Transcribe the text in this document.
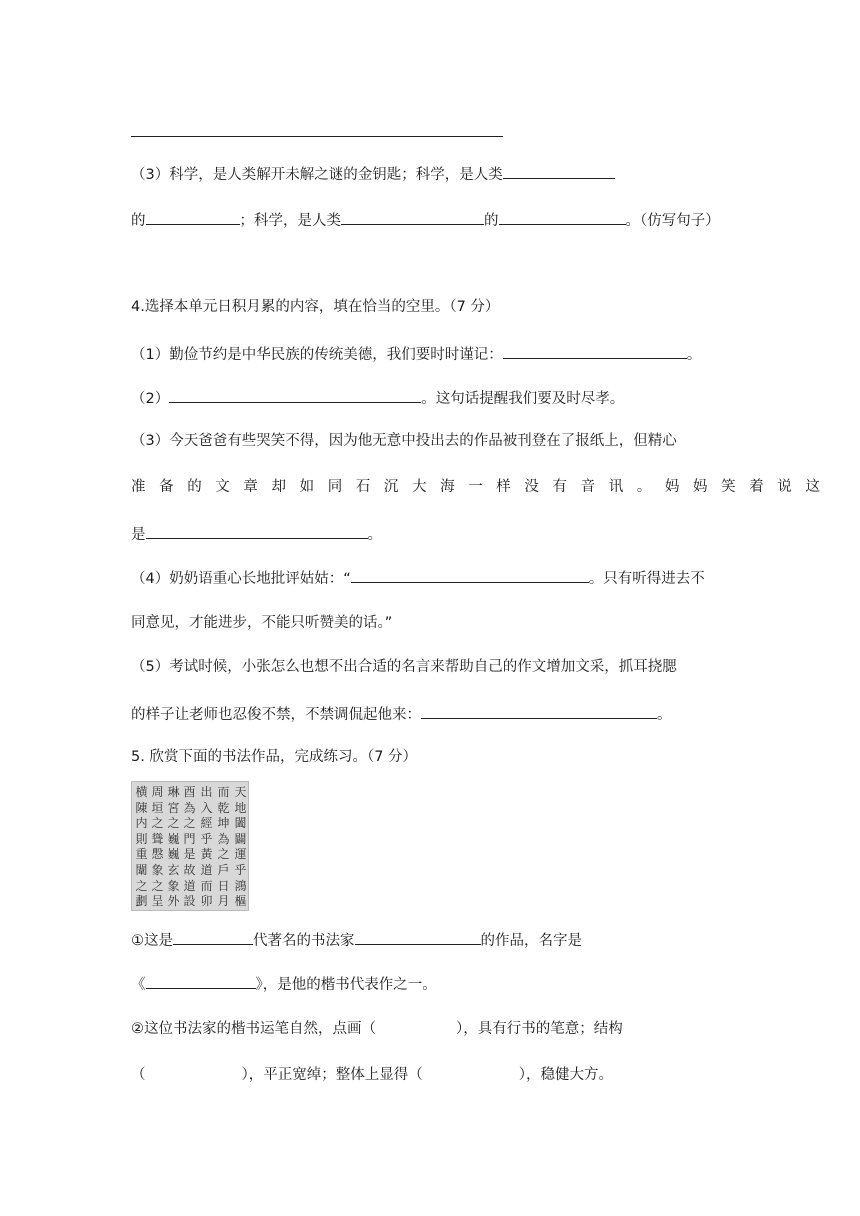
（3）科学，是人类解开未解之谜的金钥匙；科学，是人类
的	；科学，是人类	的	。（仿写句子）
4.选择本单元日积月累的内容，填在恰当的空里。（7 分）
（1）勤俭节约是中华民族的传统美德，我们要时时谨记：	。
（2）	。这句话提醒我们要及时尽孝。
（3）今天爸爸有些哭笑不得，因为他无意中投出去的作品被刊登在了报纸上，但精心
准备的文章却如同石沉大海一样没有音讯。妈妈笑着说这
是	。
（4）奶奶语重心长地批评姑姑：“	。只有听得进去不
同意见，才能进步，不能只听赞美的话。”
（5）考试时候，小张怎么也想不出合适的名言来帮助自己的作文增加文采，抓耳挠腮
的样子让老师也忍俊不禁，不禁调侃起他来：	。
5. 欣赏下面的书法作品，完成练习。（7 分）
天地闔闢運乎鴻樞
而乾坤為之戶日月
出入經乎黃道而卯
酉為之門是故道設
琳宮之巍巍玄象外
周垣之聳慇象之呈
横陳内則重闈之劃
①这是	代著名的书法家	的作品，名字是
《	》，是他的楷书代表作之一。
②这位书法家的楷书运笔自然，点画（	），具有行书的笔意；结构
（	），平正宽绰；整体上显得（	），稳健大方。
